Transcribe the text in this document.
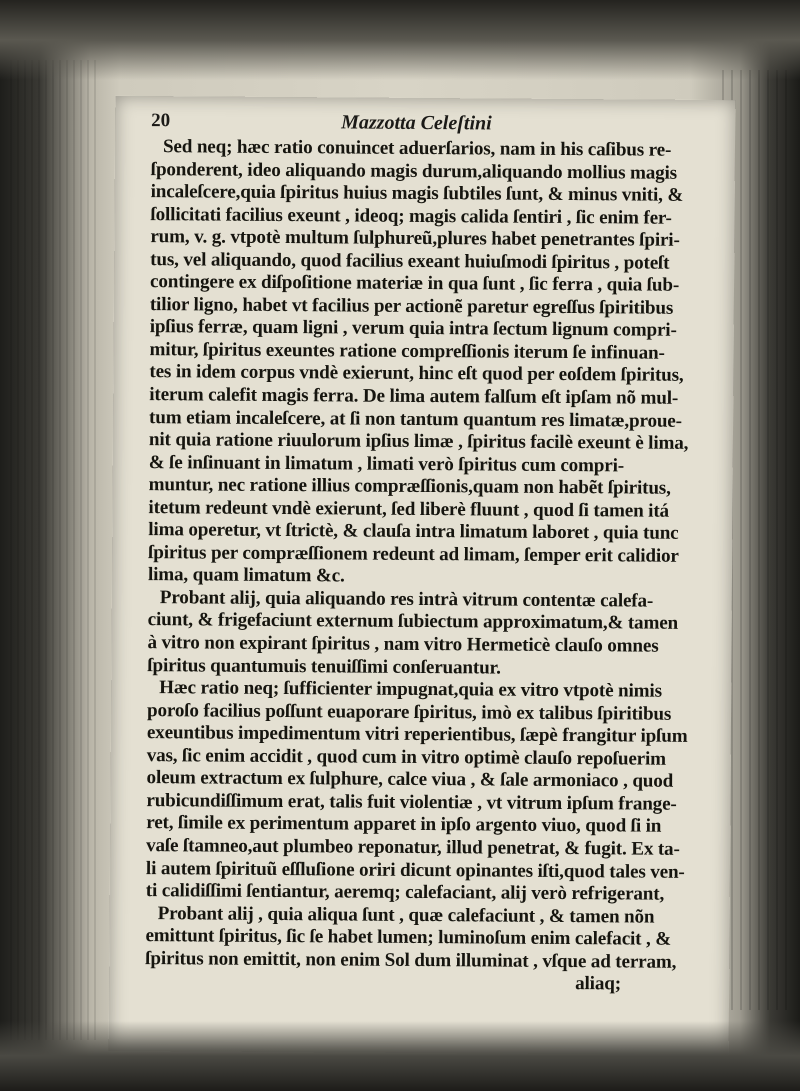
20	Mazzotta Celeſtini
Sed neq; hæc ratio conuincet aduerſarios, nam in his caſibus re-
ſponderent, ideo aliquando magis durum,aliquando mollius magis
incaleſcere,quia ſpiritus huius magis ſubtiles ſunt, & minus vniti, &
ſollicitati facilius exeunt , ideoq; magis calida ſentiri , ſic enim fer-
rum, v. g. vtpotè multum ſulphureũ,plures habet penetrantes ſpiri-
tus, vel aliquando, quod facilius exeant huiuſmodi ſpiritus , poteſt
contingere ex diſpoſitione materiæ in qua ſunt , ſic ferra , quia ſub-
tilior ligno, habet vt facilius per actionẽ paretur egreſſus ſpiritibus
ipſius ferræ, quam ligni , verum quia intra ſectum lignum compri-
mitur, ſpiritus exeuntes ratione compreſſionis iterum ſe infinuan-
tes in idem corpus vndè exierunt, hinc eſt quod per eoſdem ſpiritus,
iterum calefit magis ferra. De lima autem falſum eſt ipſam nõ mul-
tum etiam incaleſcere, at ſi non tantum quantum res limatæ,proue-
nit quia ratione riuulorum ipſius limæ , ſpiritus facilè exeunt è lima,
& ſe inſinuant in limatum , limati verò ſpiritus cum compri-
muntur, nec ratione illius compræſſionis,quam non habẽt ſpiritus,
itetum redeunt vndè exierunt, ſed liberè fluunt , quod ſi tamen itá
lima operetur, vt ſtrictè, & clauſa intra limatum laboret , quia tunc
ſpiritus per compræſſionem redeunt ad limam, ſemper erit calidior
lima, quam limatum &c.
Probant alij, quia aliquando res intrà vitrum contentæ calefa-
ciunt, & frigefaciunt externum ſubiectum approximatum,& tamen
à vitro non expirant ſpiritus , nam vitro Hermeticè clauſo omnes
ſpiritus quantumuis tenuiſſimi conſeruantur.
Hæc ratio neq; ſufficienter impugnat,quia ex vitro vtpotè nimis
poroſo facilius poſſunt euaporare ſpiritus, imò ex talibus ſpiritibus
exeuntibus impedimentum vitri reperientibus, ſæpè frangitur ipſum
vas, ſic enim accidit , quod cum in vitro optimè clauſo repoſuerim
oleum extractum ex ſulphure, calce viua , & ſale armoniaco , quod
rubicundiſſimum erat, talis fuit violentiæ , vt vitrum ipſum frange-
ret, ſimile ex perimentum apparet in ipſo argento viuo, quod ſi in
vaſe ſtamneo,aut plumbeo reponatur, illud penetrat, & fugit. Ex ta-
li autem ſpirituũ eſſluſione oriri dicunt opinantes iſti,quod tales ven-
ti calidiſſimi ſentiantur, aeremq; calefaciant, alij verò refrigerant,
Probant alij , quia aliqua ſunt , quæ calefaciunt , & tamen nõn
emittunt ſpiritus, ſic ſe habet lumen; luminoſum enim calefacit , &
ſpiritus non emittit, non enim Sol dum illuminat , vſque ad terram,
aliaq;
